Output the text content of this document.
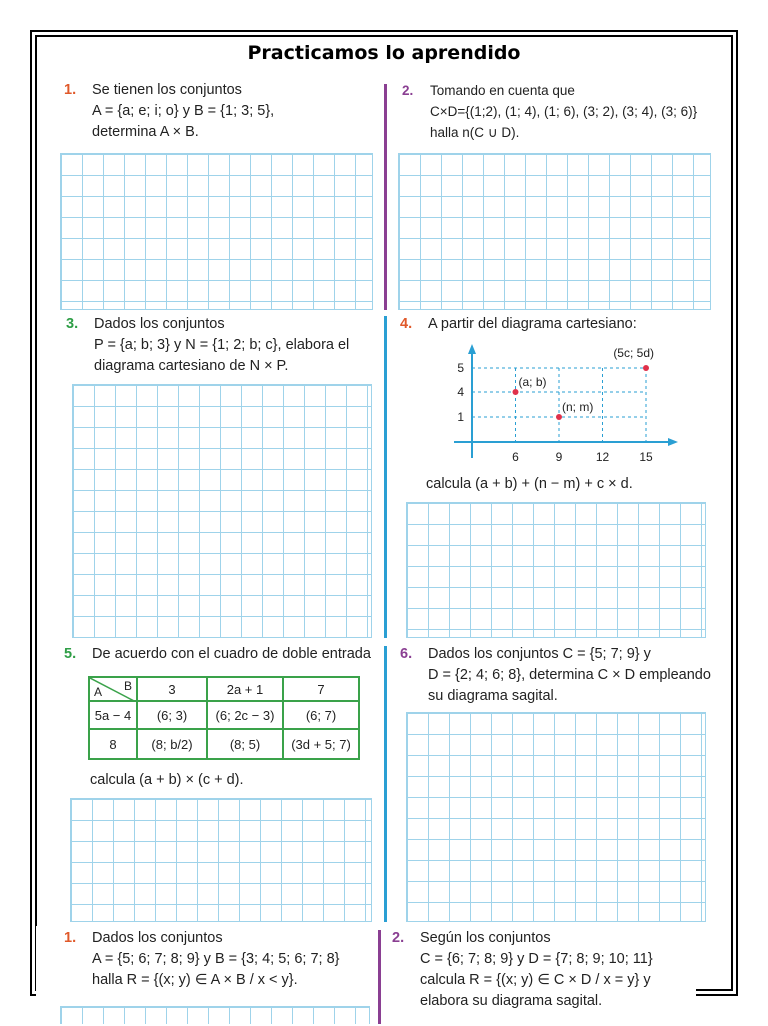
Practicamos lo aprendido
1.	Se tienen los conjuntos
A = {a; e; i; o} y B = {1; 3; 5},
determina A × B.
2.	Tomando en cuenta que
C×D={(1;2), (1; 4), (1; 6), (3; 2), (3; 4), (3; 6)}
halla n(C ∪ D).
3.	Dados los conjuntos
P = {a; b; 3} y N = {1; 2; b; c}, elabora el
diagrama cartesiano de N × P.
4.	A partir del diagrama cartesiano:
6	9	12	15
5
4
1
(5c; 5d)
(a; b)
(n; m)
calcula (a + b) + (n − m) + c × d.
5.	De acuerdo con el cuadro de doble entrada
A B	3	2a + 1	7
5a − 4	(6; 3)	(6; 2c − 3)	(6; 7)
8	(8; b/2)	(8; 5)	(3d + 5; 7)
calcula (a + b) × (c + d).
6.	Dados los conjuntos C = {5; 7; 9} y
D = {2; 4; 6; 8}, determina C × D empleando
su diagrama sagital.
1.	Dados los conjuntos
A = {5; 6; 7; 8; 9} y B = {3; 4; 5; 6; 7; 8}
halla R = {(x; y) ∈ A × B / x < y}.
2.	Según los conjuntos
C = {6; 7; 8; 9} y D = {7; 8; 9; 10; 11}
calcula R = {(x; y) ∈ C × D / x = y} y
elabora su diagrama sagital.
